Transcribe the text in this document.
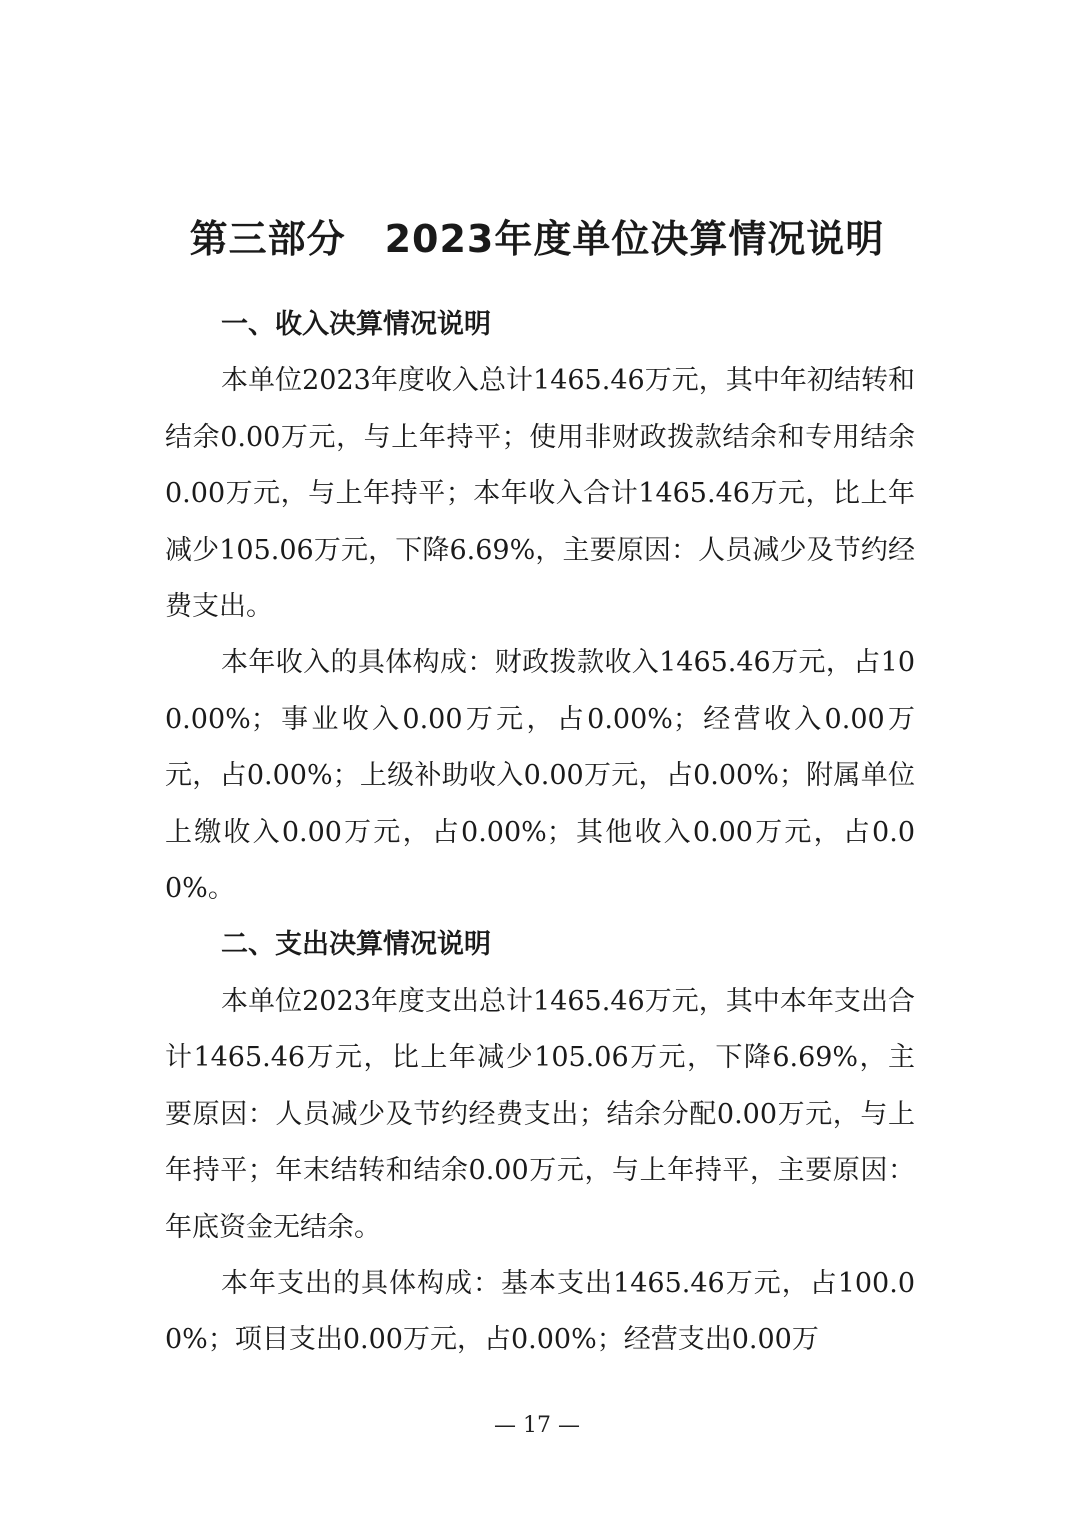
第三部分　2023年度单位决算情况说明

一、收入决算情况说明

本单位2023年度收入总计1465.46万元，其中年初结转和结余0.00万元，与上年持平；使用非财政拨款结余和专用结余0.00万元，与上年持平；本年收入合计1465.46万元，比上年减少105.06万元，下降6.69%，主要原因：人员减少及节约经费支出。

本年收入的具体构成：财政拨款收入1465.46万元，占100.00%；事业收入0.00万元，占0.00%；经营收入0.00万元，占0.00%；上级补助收入0.00万元，占0.00%；附属单位上缴收入0.00万元，占0.00%；其他收入0.00万元，占0.00%。

二、支出决算情况说明

本单位2023年度支出总计1465.46万元，其中本年支出合计1465.46万元，比上年减少105.06万元，下降6.69%，主要原因：人员减少及节约经费支出；结余分配0.00万元，与上年持平；年末结转和结余0.00万元，与上年持平，主要原因：年底资金无结余。

本年支出的具体构成：基本支出1465.46万元，占100.00%；项目支出0.00万元，占0.00%；经营支出0.00万

— 17 —
